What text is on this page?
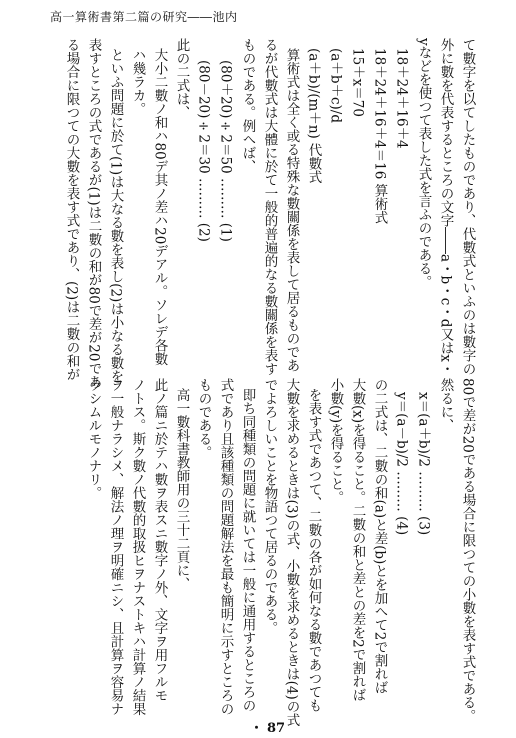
高一算術書第二篇の研究――池内
て數字を以てしたものであり、代數式といふのは數字の
外に數を代表するところの文字――a・b・c・d又はx・
yなどを使つて表した式を言ふのである。
18＋24＋16＋4
18＋24＋16＋4＝16 算術式
15＋x＝70
(a＋b＋c)/d
(a＋b)/(m＋n) 代數式
算術式は全く或る特殊な數關係を表して居るものであ
るが代數式は大體に於て一般的普遍的なる數關係を表す
ものである。例へば、
(80＋20)÷2＝50 ……… (1)
(80－20)÷2＝30 ……… (2)
此の二式は、
大小二數ノ和ハ80デ其ノ差ハ20デアル。ソレデ各數
ハ幾ラカ。
といふ問題に於て(1)は大なる數を表し(2)は小なる數を
表すところの式であるが(1)は二數の和が80で差が20であ
る場合に限つての大數を表す式であり、(2)は二數の和が
80で差が20である場合に限つての小數を表す式である。
然るに、
x＝(a＋b)/2 ……… (3)
y＝(a－b)/2 ……… (4)
の二式は、二數の和(a)と差(b)とを加へて2で割れば
大數(x)を得ること。二數の和と差との差を2で割れば
小數(y)を得ること。
を表す式であつて、二數の各が如何なる數であつても
大數を求めるときは(3)の式、小數を求めるときは(4)の式
でよろしいことを物語つて居るのである。
即ち同種類の問題に就いては一般に通用するところの
式であり且該種類の問題解法を最も簡明に示すところの
ものである。
高一數科書教師用の三十二頁に、
此ノ篇ニ於テハ數ヲ表スニ數字ノ外、文字ヲ用フルモ
ノトス。斯ク數ノ代數的取扱ヒヲナストキハ計算ノ結果
ヲ一般ナラシメ、解法ノ理ヲ明確ニシ、且計算ヲ容易ナ
ラシムルモノナリ。
・ 87
